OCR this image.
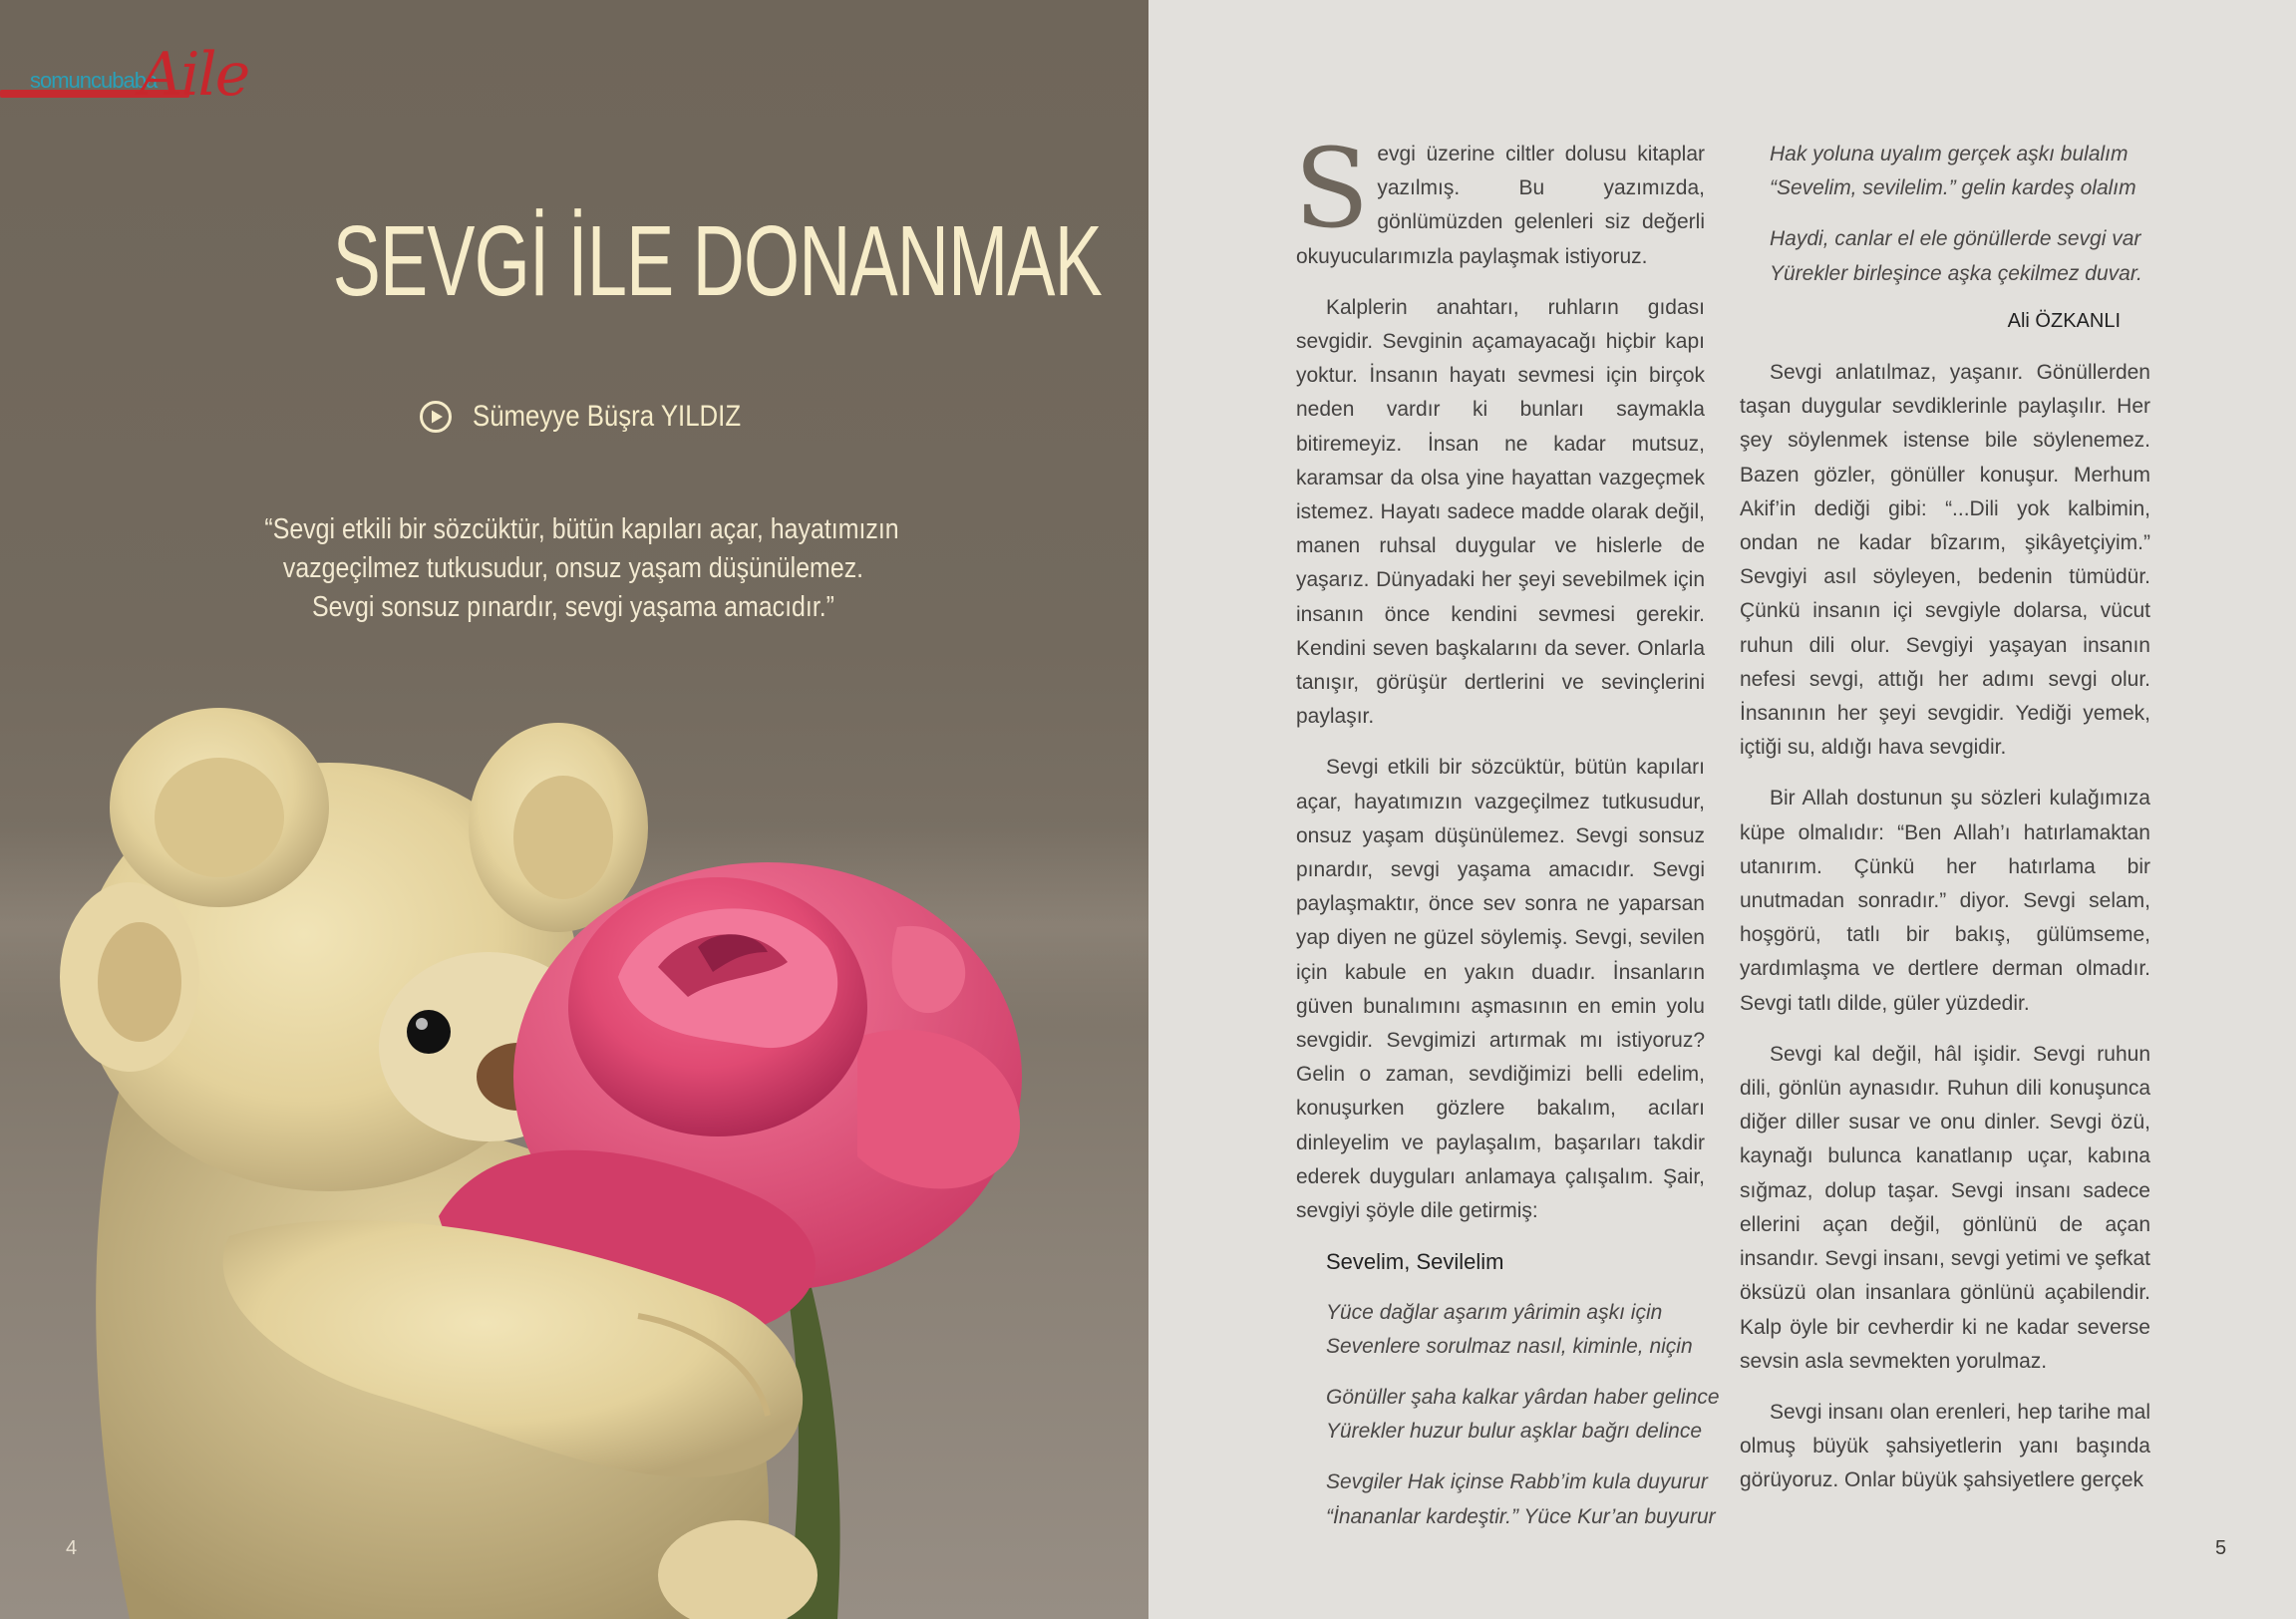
somuncubaba
Aile
SEVGİ İLE DONANMAK
Sümeyye Büşra YILDIZ
“Sevgi etkili bir sözcüktür, bütün kapıları açar, hayatımızın
vazgeçilmez tutkusudur, onsuz yaşam düşünülemez.
Sevgi sonsuz pınardır, sevgi yaşama amacıdır.”
4

Sevgi üzerine ciltler dolusu kitaplar yazılmış. Bu yazımızda, gönlümüzden gelenleri siz değerli okuyucularımızla paylaşmak istiyoruz.

Kalplerin anahtarı, ruhların gıdası sevgidir. Sevginin açamayacağı hiçbir kapı yoktur. İnsanın hayatı sevmesi için birçok neden vardır ki bunları saymakla bitiremeyiz. İnsan ne kadar mutsuz, karamsar da olsa yine hayattan vazgeçmek istemez. Hayatı sadece madde olarak değil, manen ruhsal duygular ve hislerle de yaşarız. Dünyadaki her şeyi sevebilmek için insanın önce kendini sevmesi gerekir. Kendini seven başkalarını da sever. Onlarla tanışır, görüşür dertlerini ve sevinçlerini paylaşır.

Sevgi etkili bir sözcüktür, bütün kapıları açar, hayatımızın vazgeçilmez tutkusudur, onsuz yaşam düşünülemez. Sevgi sonsuz pınardır, sevgi yaşama amacıdır. Sevgi paylaşmaktır, önce sev sonra ne yaparsan yap diyen ne güzel söylemiş. Sevgi, sevilen için kabule en yakın duadır. İnsanların güven bunalımını aşmasının en emin yolu sevgidir. Sevgimizi artırmak mı istiyoruz? Gelin o zaman, sevdiğimizi belli edelim, konuşurken gözlere bakalım, acıları dinleyelim ve paylaşalım, başarıları takdir ederek duyguları anlamaya çalışalım. Şair, sevgiyi şöyle dile getirmiş:

Sevelim, Sevilelim
Yüce dağlar aşarım yârimin aşkı için
Sevenlere sorulmaz nasıl, kiminle, niçin
Gönüller şaha kalkar yârdan haber gelince
Yürekler huzur bulur aşklar bağrı delince
Sevgiler Hak içinse Rabb’im kula duyurur
“İnananlar kardeştir.” Yüce Kur’an buyurur
Hak yoluna uyalım gerçek aşkı bulalım
“Sevelim, sevilelim.” gelin kardeş olalım
Haydi, canlar el ele gönüllerde sevgi var
Yürekler birleşince aşka çekilmez duvar.
Ali ÖZKANLI

Sevgi anlatılmaz, yaşanır. Gönüllerden taşan duygular sevdiklerinle paylaşılır. Her şey söylenmek istense bile söylenemez. Bazen gözler, gönüller konuşur. Merhum Akif’in dediği gibi: “...Dili yok kalbimin, ondan ne kadar bîzarım, şikâyetçiyim.” Sevgiyi asıl söyleyen, bedenin tümüdür. Çünkü insanın içi sevgiyle dolarsa, vücut ruhun dili olur. Sevgiyi yaşayan insanın nefesi sevgi, attığı her adımı sevgi olur. İnsanının her şeyi sevgidir. Yediği yemek, içtiği su, aldığı hava sevgidir.

Bir Allah dostunun şu sözleri kulağımıza küpe olmalıdır: “Ben Allah’ı hatırlamaktan utanırım. Çünkü her hatırlama bir unutmadan sonradır.” diyor. Sevgi selam, hoşgörü, tatlı bir bakış, gülümseme, yardımlaşma ve dertlere derman olmadır. Sevgi tatlı dilde, güler yüzdedir.

Sevgi kal değil, hâl işidir. Sevgi ruhun dili, gönlün aynasıdır. Ruhun dili konuşunca diğer diller susar ve onu dinler. Sevgi özü, kaynağı bulunca kanatlanıp uçar, kabına sığmaz, dolup taşar. Sevgi insanı sadece ellerini açan değil, gönlünü de açan insandır. Sevgi insanı, sevgi yetimi ve şefkat öksüzü olan insanlara gönlünü açabilendir. Kalp öyle bir cevherdir ki ne kadar severse sevsin asla sevmekten yorulmaz.

Sevgi insanı olan erenleri, hep tarihe mal olmuş büyük şahsiyetlerin yanı başında görüyoruz. Onlar büyük şahsiyetlere gerçek

5
